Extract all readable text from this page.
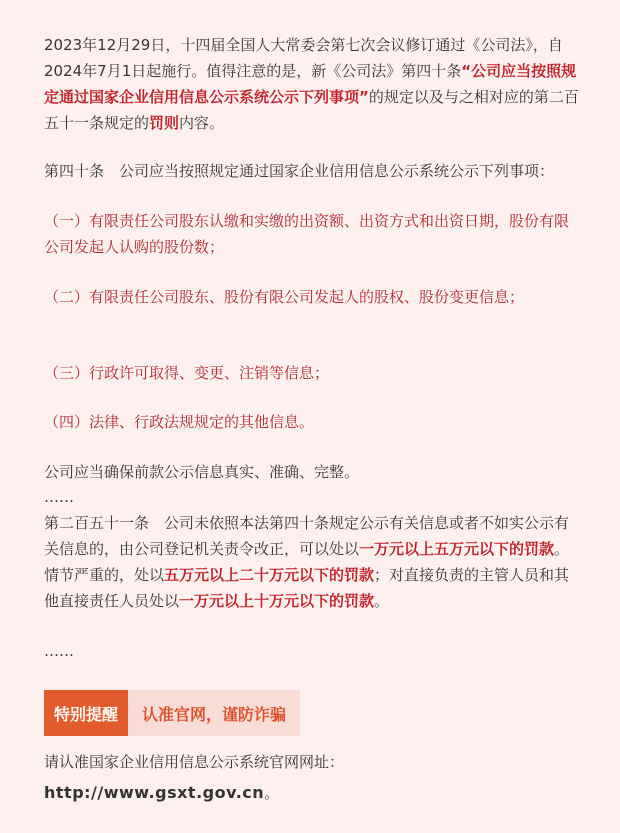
2023年12月29日，十四届全国人大常委会第七次会议修订通过《公司法》，自2024年7月1日起施行。值得注意的是，新《公司法》第四十条“公司应当按照规定通过国家企业信用信息公示系统公示下列事项”的规定以及与之相对应的第二百五十一条规定的罚则内容。

第四十条　公司应当按照规定通过国家企业信用信息公示系统公示下列事项：

（一）有限责任公司股东认缴和实缴的出资额、出资方式和出资日期，股份有限公司发起人认购的股份数；

（二）有限责任公司股东、股份有限公司发起人的股权、股份变更信息；

（三）行政许可取得、变更、注销等信息；

（四）法律、行政法规规定的其他信息。

公司应当确保前款公示信息真实、准确、完整。

……

第二百五十一条　公司未依照本法第四十条规定公示有关信息或者不如实公示有关信息的，由公司登记机关责令改正，可以处以一万元以上五万元以下的罚款。情节严重的，处以五万元以上二十万元以下的罚款；对直接负责的主管人员和其他直接责任人员处以一万元以上十万元以下的罚款。

……

特别提醒	认准官网，谨防诈骗

请认准国家企业信用信息公示系统官网网址：

http://www.gsxt.gov.cn。
